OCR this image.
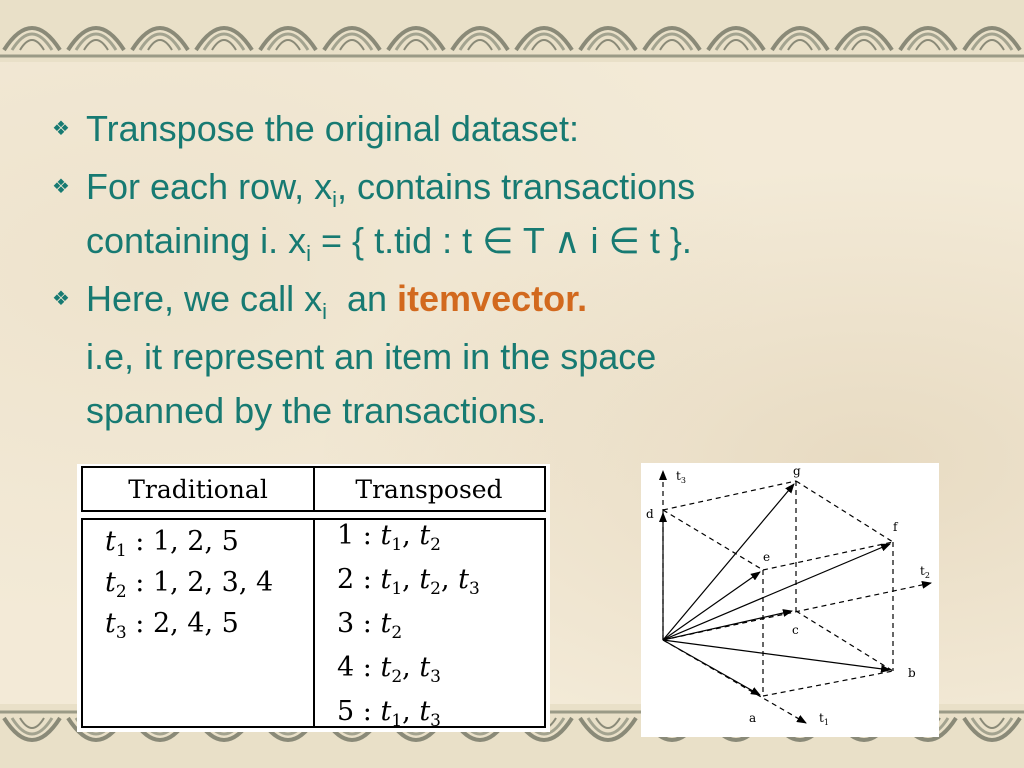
❖ Transpose the original dataset:
❖ For each row, $x_i$, contains transactions
containing i. $x_i$ = { t.tid : t ∈ T ∧ i ∈ t }.
❖ Here, we call $x_i$  an itemvector.
i.e, it represent an item in the space
spanned by the transactions.
Traditional	Transposed
$t_1$ : 1, 2, 5
$t_2$ : 1, 2, 3, 4
$t_3$ : 2, 4, 5
1 : $t_1$, $t_2$
2 : $t_1$, $t_2$, $t_3$
3 : $t_2$
4 : $t_2$, $t_3$
5 : $t_1$, $t_3$
$t_3$
$t_2$
$t_1$
a
b
c
d
e
f
g
